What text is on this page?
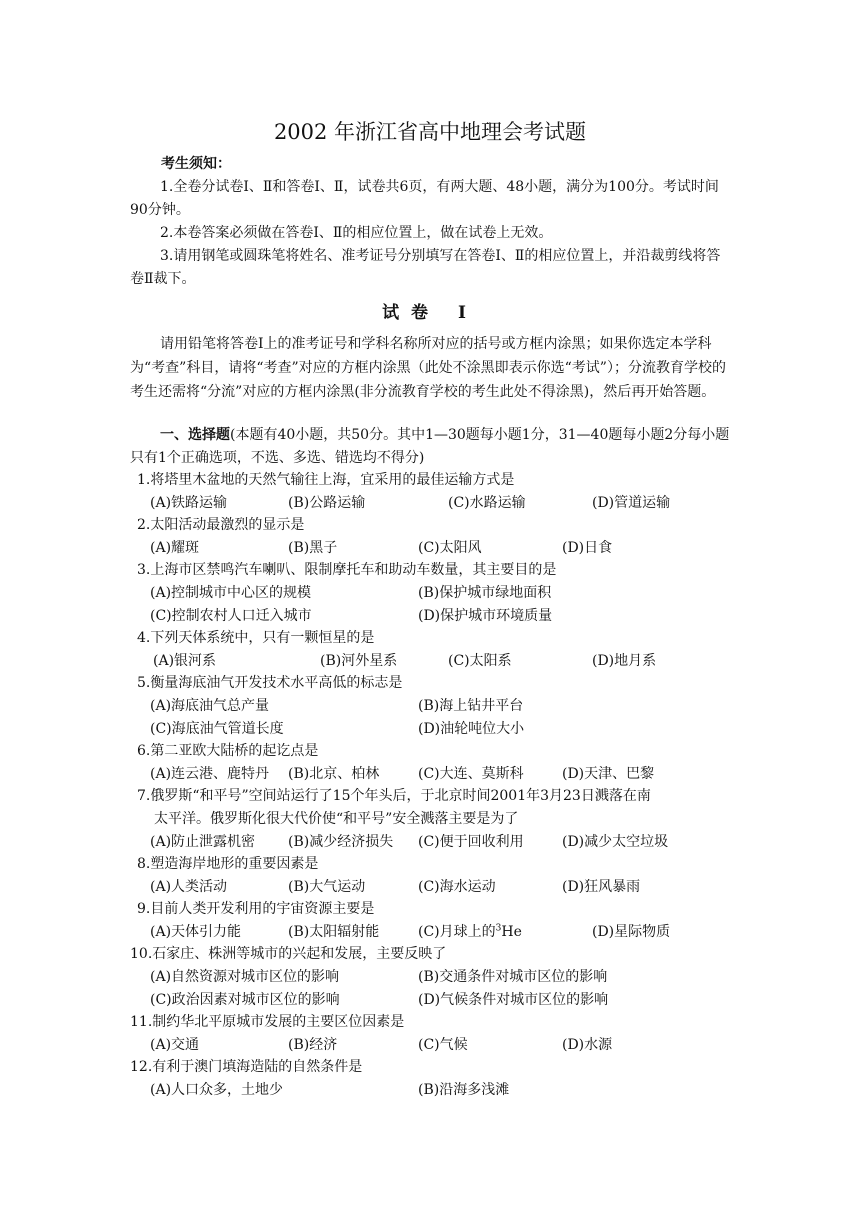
2002 年浙江省高中地理会考试题
考生须知：
1.全卷分试卷Ⅰ、Ⅱ和答卷Ⅰ、Ⅱ，试卷共6页，有两大题、48小题，满分为100分。考试时间90分钟。
2.本卷答案必须做在答卷Ⅰ、Ⅱ的相应位置上，做在试卷上无效。
3.请用钢笔或圆珠笔将姓名、准考证号分别填写在答卷Ⅰ、Ⅱ的相应位置上，并沿裁剪线将答卷Ⅱ裁下。
试卷 Ⅰ
请用铅笔将答卷Ⅰ上的准考证号和学科名称所对应的括号或方框内涂黑；如果你选定本学科为“考查”科目，请将“考查”对应的方框内涂黑（此处不涂黑即表示你选“考试”）；分流教育学校的考生还需将“分流”对应的方框内涂黑(非分流教育学校的考生此处不得涂黑)，然后再开始答题。
一、选择题(本题有40小题，共50分。其中1—30题每小题1分，31—40题每小题2分每小题只有1个正确选项，不选、多选、错选均不得分)
1.将塔里木盆地的天然气输往上海，宜采用的最佳运输方式是
(A)铁路运输	(B)公路运输	(C)水路运输	(D)管道运输
2.太阳活动最激烈的显示是
(A)耀斑	(B)黑子	(C)太阳风	(D)日食
3.上海市区禁鸣汽车喇叭、限制摩托车和助动车数量，其主要目的是
(A)控制城市中心区的规模	(B)保护城市绿地面积
(C)控制农村人口迁入城市	(D)保护城市环境质量
4.下列天体系统中，只有一颗恒星的是
(A)银河系	(B)河外星系	(C)太阳系	(D)地月系
5.衡量海底油气开发技术水平高低的标志是
(A)海底油气总产量	(B)海上钻井平台
(C)海底油气管道长度	(D)油轮吨位大小
6.第二亚欧大陆桥的起讫点是
(A)连云港、鹿特丹 (B)北京、柏林	(C)大连、莫斯科	(D)天津、巴黎
7.俄罗斯“和平号”空间站运行了15个年头后，于北京时间2001年3月23日溅落在南
太平洋。俄罗斯化很大代价使“和平号”安全溅落主要是为了
(A)防止泄露机密 (B)减少经济损失 (C)便于回收利用	(D)减少太空垃圾
8.塑造海岸地形的重要因素是
(A)人类活动	(B)大气运动	(C)海水运动	(D)狂风暴雨
9.目前人类开发利用的宇宙资源主要是
(A)天体引力能	(B)太阳辐射能	(C)月球上的$^3$He	(D)星际物质
10.石家庄、株洲等城市的兴起和发展，主要反映了
(A)自然资源对城市区位的影响	(B)交通条件对城市区位的影响
(C)政治因素对城市区位的影响	(D)气候条件对城市区位的影响
11.制约华北平原城市发展的主要区位因素是
(A)交通	(B)经济	(C)气候	(D)水源
12.有利于澳门填海造陆的自然条件是
(A)人口众多，土地少	(B)沿海多浅滩
